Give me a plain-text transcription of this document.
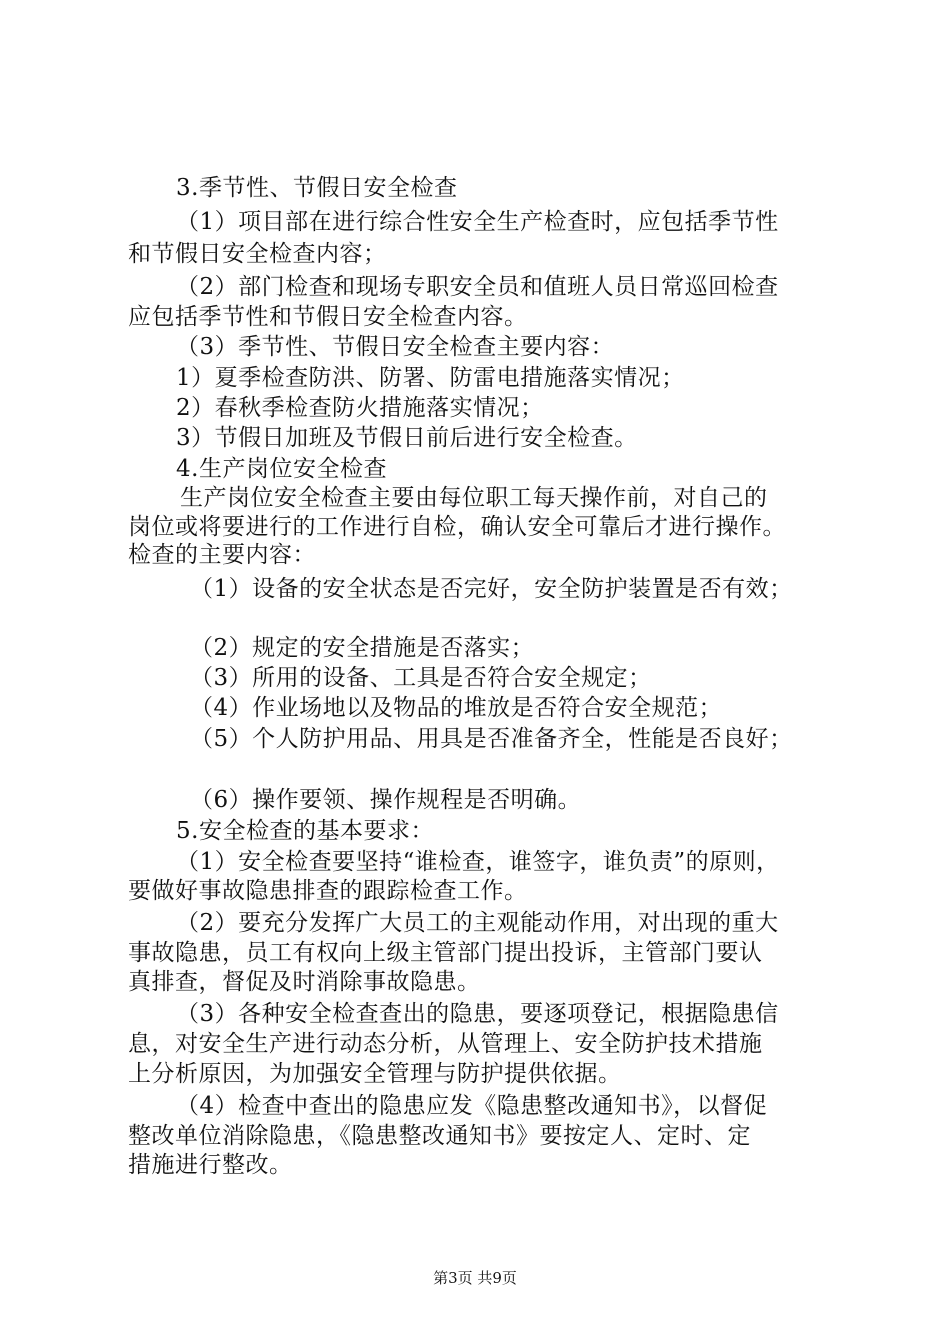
3.季节性、节假日安全检查
（1）项目部在进行综合性安全生产检查时，应包括季节性
和节假日安全检查内容；
（2）部门检查和现场专职安全员和值班人员日常巡回检查
应包括季节性和节假日安全检查内容。
（3）季节性、节假日安全检查主要内容：
1）夏季检查防洪、防署、防雷电措施落实情况；
2）春秋季检查防火措施落实情况；
3）节假日加班及节假日前后进行安全检查。
4.生产岗位安全检查
生产岗位安全检查主要由每位职工每天操作前，对自己的
岗位或将要进行的工作进行自检，确认安全可靠后才进行操作。
检查的主要内容：
（1）设备的安全状态是否完好，安全防护装置是否有效；
（2）规定的安全措施是否落实；
（3）所用的设备、工具是否符合安全规定；
（4）作业场地以及物品的堆放是否符合安全规范；
（5）个人防护用品、用具是否准备齐全，性能是否良好；
（6）操作要领、操作规程是否明确。
5.安全检查的基本要求：
（1）安全检查要坚持“谁检查，谁签字，谁负责”的原则，
要做好事故隐患排查的跟踪检查工作。
（2）要充分发挥广大员工的主观能动作用，对出现的重大
事故隐患，员工有权向上级主管部门提出投诉，主管部门要认
真排查，督促及时消除事故隐患。
（3）各种安全检查查出的隐患，要逐项登记，根据隐患信
息，对安全生产进行动态分析，从管理上、安全防护技术措施
上分析原因，为加强安全管理与防护提供依据。
（4）检查中查出的隐患应发《隐患整改通知书》，以督促
整改单位消除隐患，《隐患整改通知书》要按定人、定时、定
措施进行整改。
第3页 共9页
